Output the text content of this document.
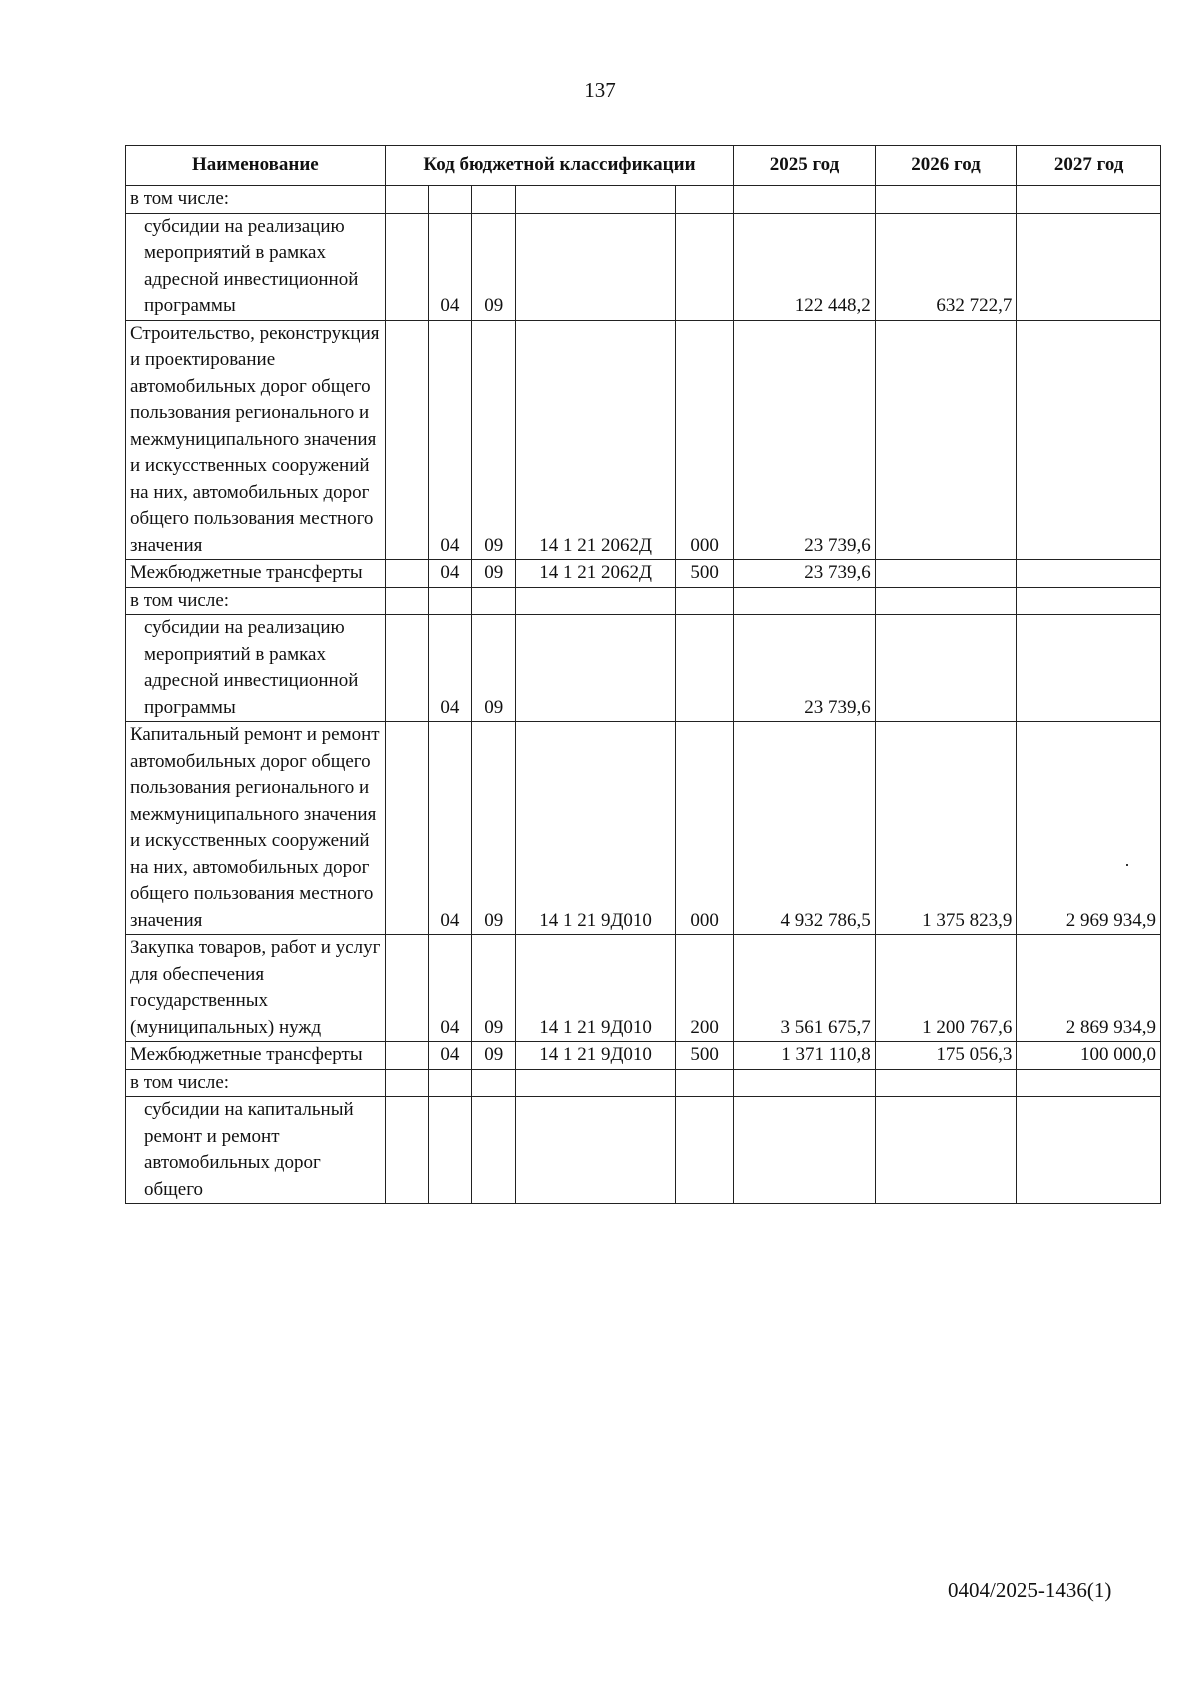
137
Наименование	Код бюджетной классификации					2025 год	2026 год	2027 год
в том числе:								
субсидии на реализацию мероприятий в рамках адресной инвестиционной программы		04	09			122 448,2	632 722,7	
Строительство, реконструкция и проектирование автомобильных дорог общего пользования регионального и межмуниципального значения и искусственных сооружений на них, автомобильных дорог общего пользования местного значения		04	09	14 1 21 2062Д	000	23 739,6		
Межбюджетные трансферты		04	09	14 1 21 2062Д	500	23 739,6		
в том числе:								
субсидии на реализацию мероприятий в рамках адресной инвестиционной программы		04	09			23 739,6		
Капитальный ремонт и ремонт автомобильных дорог общего пользования регионального и межмуниципального значения и искусственных сооружений на них, автомобильных дорог общего пользования местного значения		04	09	14 1 21 9Д010	000	4 932 786,5	1 375 823,9	2 969 934,9
Закупка товаров, работ и услуг для обеспечения государственных (муниципальных) нужд		04	09	14 1 21 9Д010	200	3 561 675,7	1 200 767,6	2 869 934,9
Межбюджетные трансферты		04	09	14 1 21 9Д010	500	1 371 110,8	175 056,3	100 000,0
в том числе:								
субсидии на капитальный ремонт и ремонт автомобильных дорог общего								
0404/2025-1436(1)
